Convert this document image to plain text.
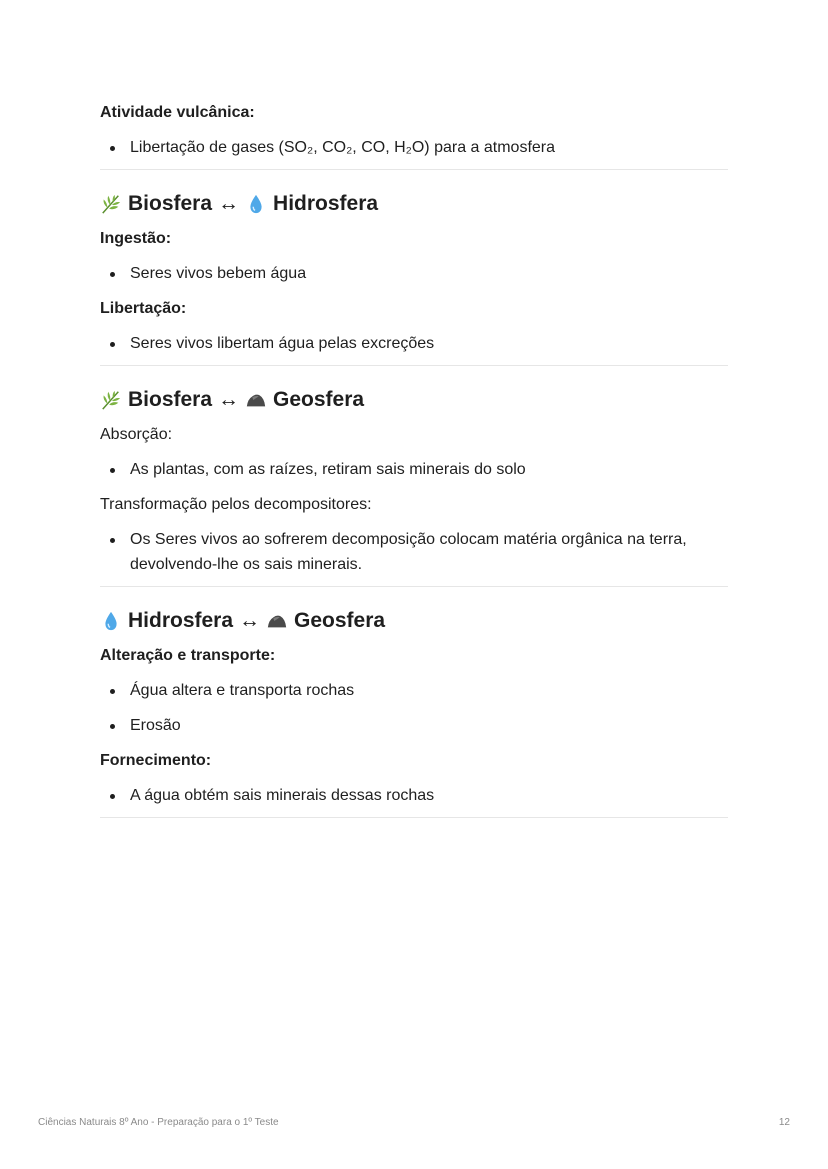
Atividade vulcânica:

Libertação de gases (SO₂, CO₂, CO, H₂O) para a atmosfera
Biosfera ↔ Hidrosfera

Ingestão:

Seres vivos bebem água

Libertação:

Seres vivos libertam água pelas excreções
Biosfera ↔ Geosfera

Absorção:

As plantas, com as raízes, retiram sais minerais do solo

Transformação pelos decompositores:

Os Seres vivos ao sofrerem decomposição colocam matéria orgânica na terra, devolvendo-lhe os sais minerais.
Hidrosfera ↔ Geosfera

Alteração e transporte:

Água altera e transporta rochas
Erosão

Fornecimento:

A água obtém sais minerais dessas rochas
Ciências Naturais 8º Ano - Preparação para o 1º Teste	12
